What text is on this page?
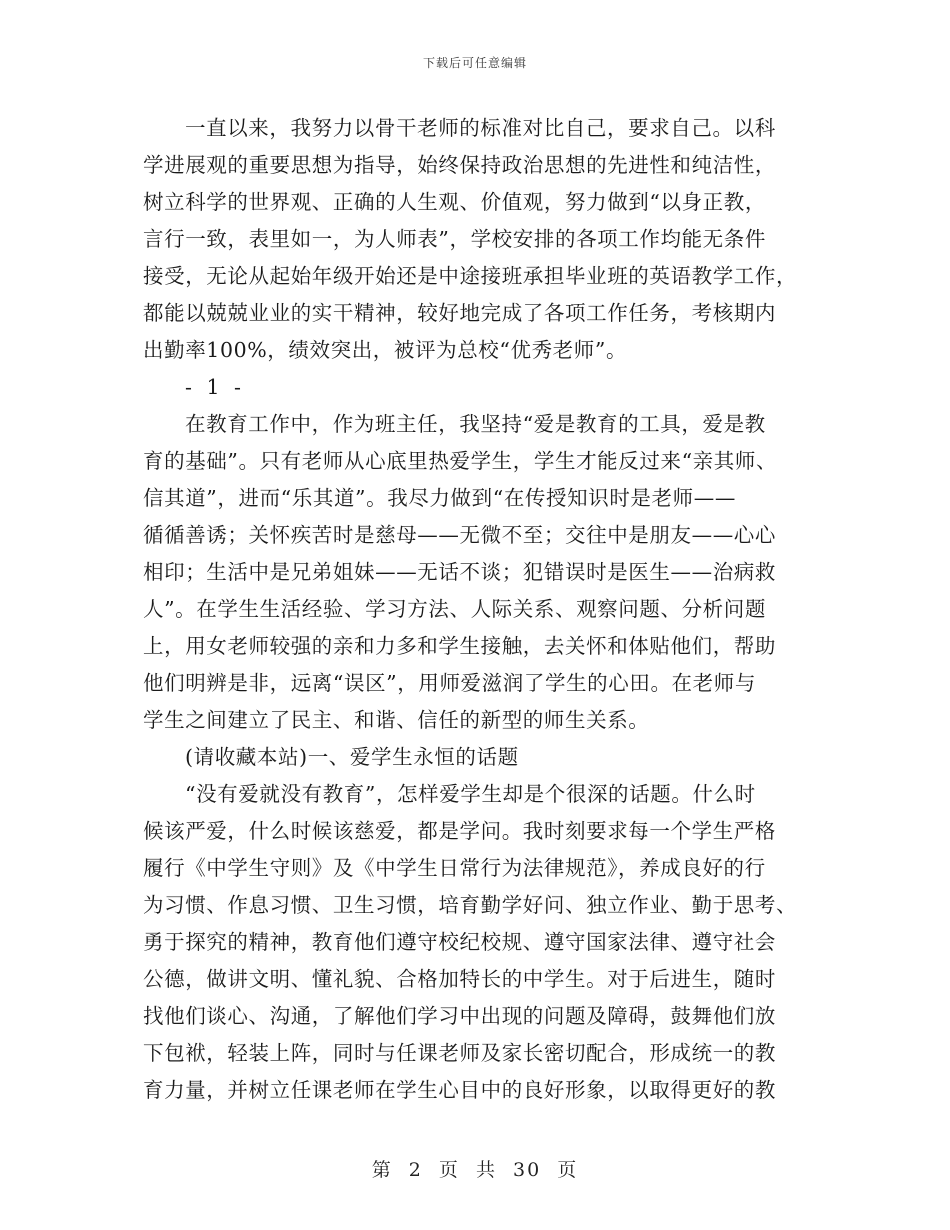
下载后可任意编辑
一直以来，我努力以骨干老师的标准对比自己，要求自己。以科
学进展观的重要思想为指导，始终保持政治思想的先进性和纯洁性，
树立科学的世界观、正确的人生观、价值观，努力做到“以身正教，
言行一致，表里如一，为人师表”，学校安排的各项工作均能无条件
接受，无论从起始年级开始还是中途接班承担毕业班的英语教学工作，
都能以兢兢业业的实干精神，较好地完成了各项工作任务，考核期内
出勤率100%，绩效突出，被评为总校“优秀老师”。
- 1 -
在教育工作中，作为班主任，我坚持“爱是教育的工具，爱是教
育的基础”。只有老师从心底里热爱学生，学生才能反过来“亲其师、
信其道”，进而“乐其道”。我尽力做到“在传授知识时是老师——
循循善诱；关怀疾苦时是慈母——无微不至；交往中是朋友——心心
相印；生活中是兄弟姐妹——无话不谈；犯错误时是医生——治病救
人”。在学生生活经验、学习方法、人际关系、观察问题、分析问题
上，用女老师较强的亲和力多和学生接触，去关怀和体贴他们，帮助
他们明辨是非，远离“误区”，用师爱滋润了学生的心田。在老师与
学生之间建立了民主、和谐、信任的新型的师生关系。
(请收藏本站)一、爱学生永恒的话题
“没有爱就没有教育”，怎样爱学生却是个很深的话题。什么时
候该严爱，什么时候该慈爱，都是学问。我时刻要求每一个学生严格
履行《中学生守则》及《中学生日常行为法律规范》，养成良好的行
为习惯、作息习惯、卫生习惯，培育勤学好问、独立作业、勤于思考、
勇于探究的精神，教育他们遵守校纪校规、遵守国家法律、遵守社会
公德，做讲文明、懂礼貌、合格加特长的中学生。对于后进生，随时
找他们谈心、沟通，了解他们学习中出现的问题及障碍，鼓舞他们放
下包袱，轻装上阵，同时与任课老师及家长密切配合，形成统一的教
育力量，并树立任课老师在学生心目中的良好形象，以取得更好的教
第 2 页 共 30 页
